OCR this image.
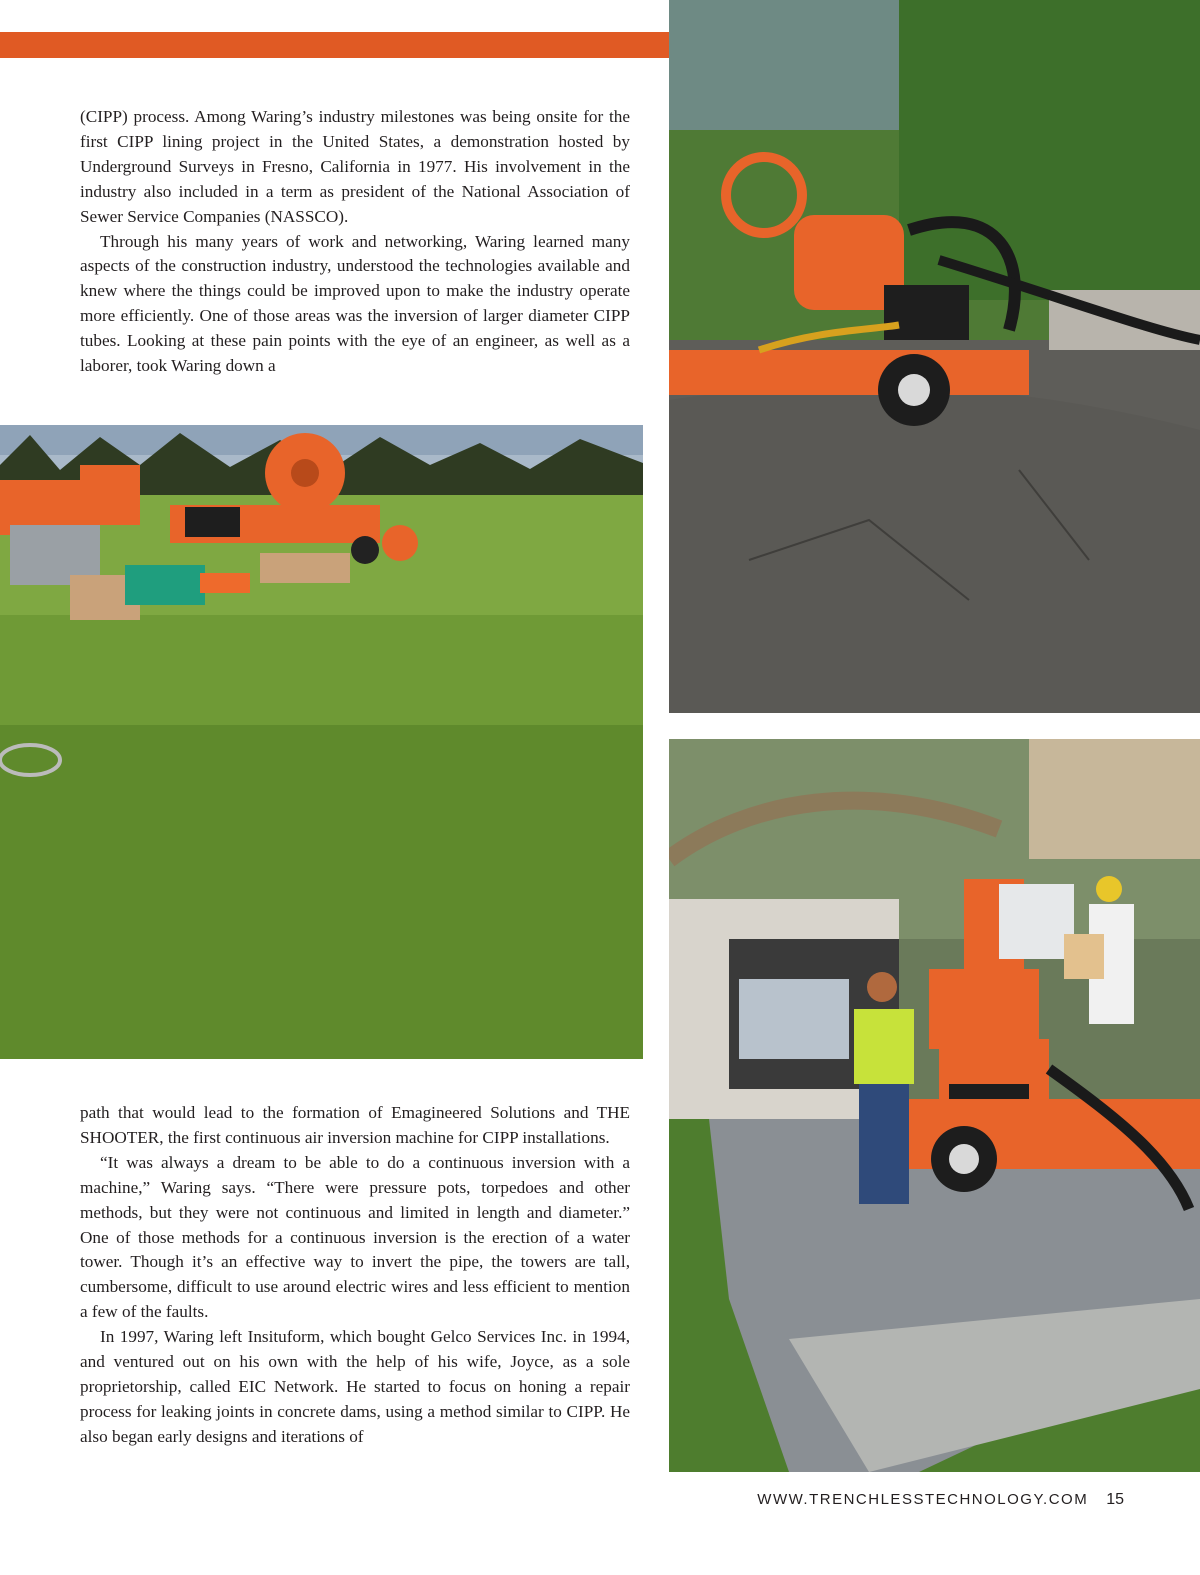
(CIPP) process. Among Waring’s industry milestones was being onsite for the first CIPP lining project in the United States, a demonstration hosted by Underground Surveys in Fresno, California in 1977. His involvement in the industry also included in a term as president of the National Association of Sewer Service Companies (NASSCO).

Through his many years of work and networking, Waring learned many aspects of the construction industry, understood the technologies available and knew where the things could be improved upon to make the industry operate more efficiently. One of those areas was the inversion of larger diameter CIPP tubes. Looking at these pain points with the eye of an engineer, as well as a laborer, took Waring down a

path that would lead to the formation of Emagineered Solutions and THE SHOOTER, the first continuous air inversion machine for CIPP installations.

“It was always a dream to be able to do a continuous inversion with a machine,” Waring says. “There were pressure pots, torpedoes and other methods, but they were not continuous and limited in length and diameter.” One of those methods for a continuous inversion is the erection of a water tower. Though it’s an effective way to invert the pipe, the towers are tall, cumbersome, difficult to use around electric wires and less efficient to mention a few of the faults.

In 1997, Waring left Insituform, which bought Gelco Services Inc. in 1994, and ventured out on his own with the help of his wife, Joyce, as a sole proprietorship, called EIC Network. He started to focus on honing a repair process for leaking joints in concrete dams, using a method similar to CIPP. He also began early designs and iterations of

WWW.TRENCHLESSTECHNOLOGY.COM 15
